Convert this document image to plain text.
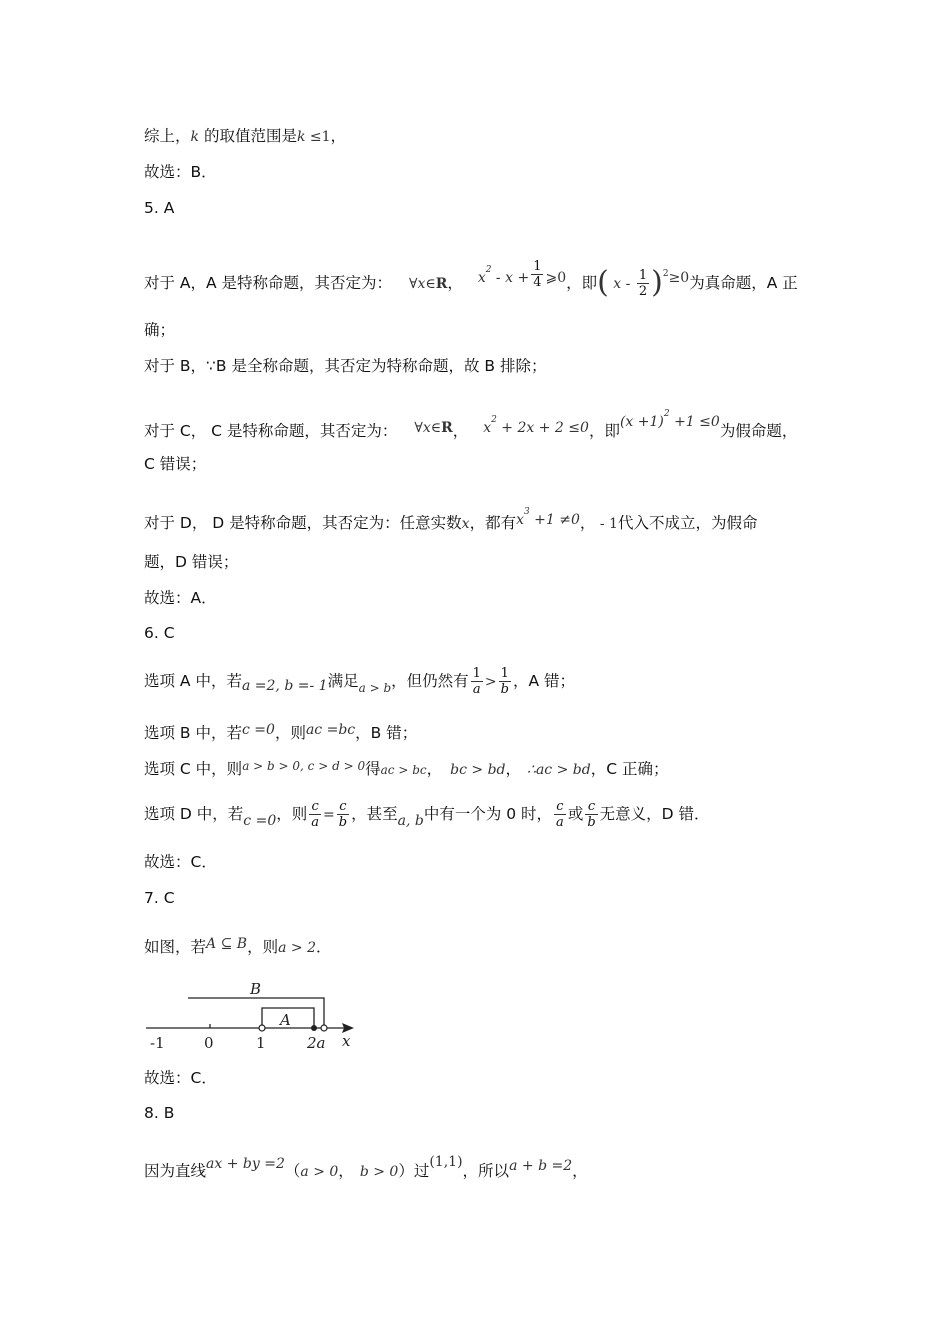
综上，k 的取值范围是k ≤1，
故选：B．
5. A
对于 A，A 是特称命题，其否定为： ∀x∈R， $x^2 - x + \frac{1}{4}$ ⩾0，即( $x - \frac{1}{2} )^2\ge 0$为真命题，A 正
确；
对于 B，∵B 是全称命题，其否定为特称命题，故 B 排除；
对于 C， C 是特称命题，其否定为： ∀x∈R， $x^2 + 2x + 2 \le 0$，即$(x +1)^2 +1 \le 0$为假命题，
C 错误；
对于 D， D 是特称命题，其否定为：任意实数x，都有$x^3 +1 \ne 0$， - 1代入不成立，为假命
题，D 错误；
故选：A．
6. C
选项 A 中，若a =2, b =- 1满足$_{a > b}$，但仍然有 $\frac{1}{a} > \frac{1}{b}$ ，A 错；
选项 B 中，若c =0，则ac =bc，B 错；
选项 C 中，则$^{a > b > 0, c > d > 0}$得ac > bc， bc > bd， ∴ac > bd，C 正确；
选项 D 中，若c =0，则 $\frac{c}{a} = \frac{c}{b}$ ，甚至a, b中有一个为 0 时， $\frac{c}{a}$ 或 $\frac{c}{b}$ 无意义，D 错．
故选：C．
7. C
如图，若A ⊆ B，则a > 2．
B
A
-1	0	1	2a x
故选：C．
8. B
因为直线ax + by =2（a > 0， b > 0）过(1,1)，所以a + b =2，
